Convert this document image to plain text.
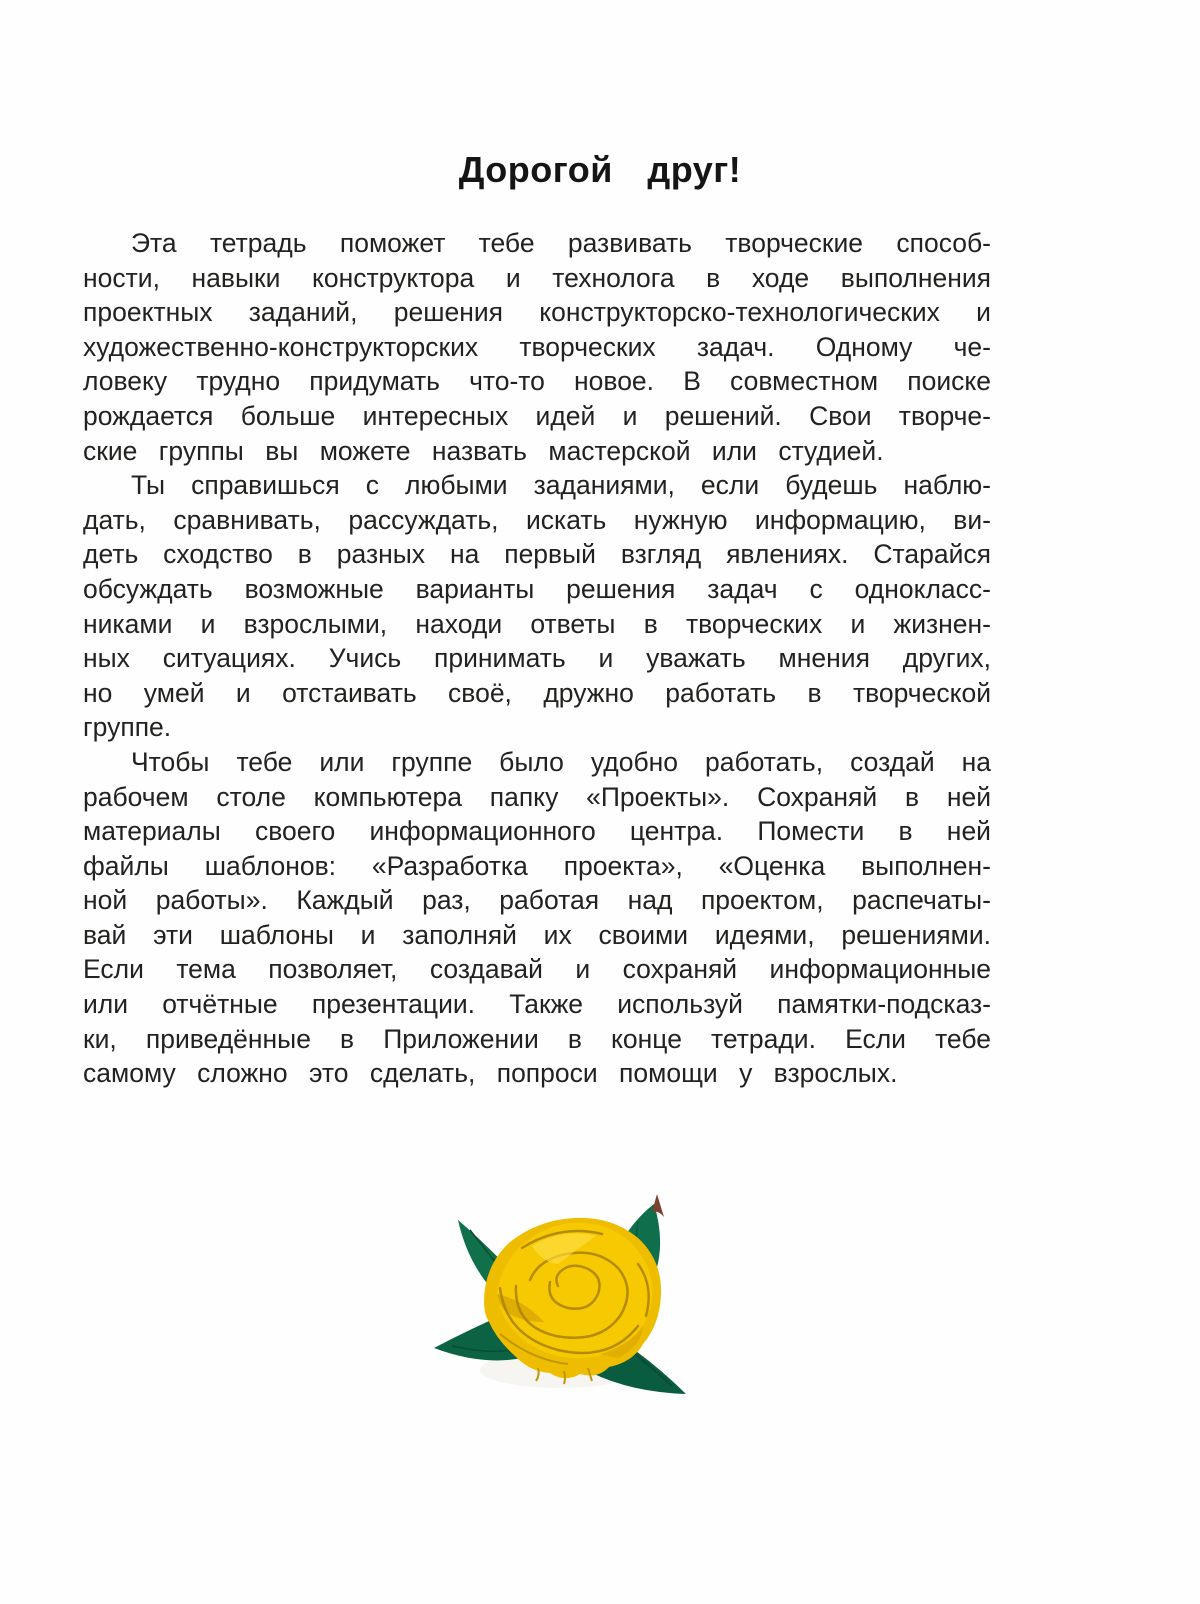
Дорогой друг!
Эта тетрадь поможет тебе развивать творческие способ-
ности, навыки конструктора и технолога в ходе выполнения
проектных заданий, решения конструкторско-технологических и
художественно-конструкторских творческих задач. Одному че-
ловеку трудно придумать что-то новое. В совместном поиске
рождается больше интересных идей и решений. Свои творче-
ские группы вы можете назвать мастерской или студией.
Ты справишься с любыми заданиями, если будешь наблю-
дать, сравнивать, рассуждать, искать нужную информацию, ви-
деть сходство в разных на первый взгляд явлениях. Старайся
обсуждать возможные варианты решения задач с однокласс-
никами и взрослыми, находи ответы в творческих и жизнен-
ных ситуациях. Учись принимать и уважать мнения других,
но умей и отстаивать своё, дружно работать в творческой
группе.
Чтобы тебе или группе было удобно работать, создай на
рабочем столе компьютера папку «Проекты». Сохраняй в ней
материалы своего информационного центра. Помести в ней
файлы шаблонов: «Разработка проекта», «Оценка выполнен-
ной работы». Каждый раз, работая над проектом, распечаты-
вай эти шаблоны и заполняй их своими идеями, решениями.
Если тема позволяет, создавай и сохраняй информационные
или отчётные презентации. Также используй памятки-подсказ-
ки, приведённые в Приложении в конце тетради. Если тебе
самому сложно это сделать, попроси помощи у взрослых.
